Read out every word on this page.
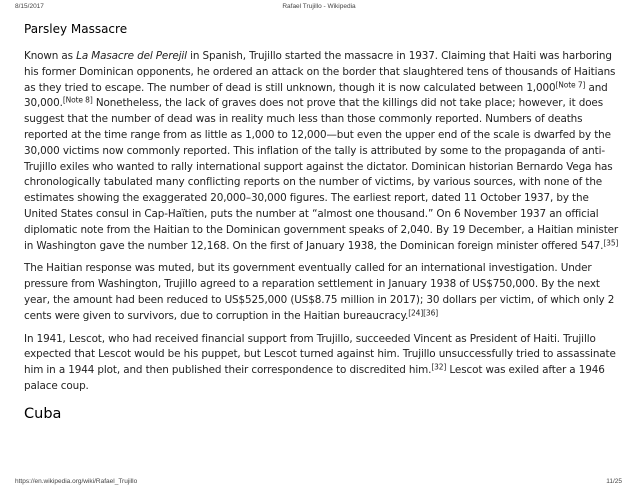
8/15/2017	Rafael Trujillo - Wikipedia
Parsley Massacre

Known as La Masacre del Perejil in Spanish, Trujillo started the massacre in 1937. Claiming that Haiti was harboring his former Dominican opponents, he ordered an attack on the border that slaughtered tens of thousands of Haitians as they tried to escape. The number of dead is still unknown, though it is now calculated between 1,000[Note 7] and 30,000.[Note 8] Nonetheless, the lack of graves does not prove that the killings did not take place; however, it does suggest that the number of dead was in reality much less than those commonly reported. Numbers of deaths reported at the time range from as little as 1,000 to 12,000—but even the upper end of the scale is dwarfed by the 30,000 victims now commonly reported. This inflation of the tally is attributed by some to the propaganda of anti-Trujillo exiles who wanted to rally international support against the dictator. Dominican historian Bernardo Vega has chronologically tabulated many conflicting reports on the number of victims, by various sources, with none of the estimates showing the exaggerated 20,000–30,000 figures. The earliest report, dated 11 October 1937, by the United States consul in Cap-Haïtien, puts the number at “almost one thousand.” On 6 November 1937 an official diplomatic note from the Haitian to the Dominican government speaks of 2,040. By 19 December, a Haitian minister in Washington gave the number 12,168. On the first of January 1938, the Dominican foreign minister offered 547.[35]

The Haitian response was muted, but its government eventually called for an international investigation. Under pressure from Washington, Trujillo agreed to a reparation settlement in January 1938 of US$750,000. By the next year, the amount had been reduced to US$525,000 (US$8.75 million in 2017); 30 dollars per victim, of which only 2 cents were given to survivors, due to corruption in the Haitian bureaucracy.[24][36]

In 1941, Lescot, who had received financial support from Trujillo, succeeded Vincent as President of Haiti. Trujillo expected that Lescot would be his puppet, but Lescot turned against him. Trujillo unsuccessfully tried to assassinate him in a 1944 plot, and then published their correspondence to discredited him.[32] Lescot was exiled after a 1946 palace coup.

Cuba
https://en.wikipedia.org/wiki/Rafael_Trujillo	11/25
